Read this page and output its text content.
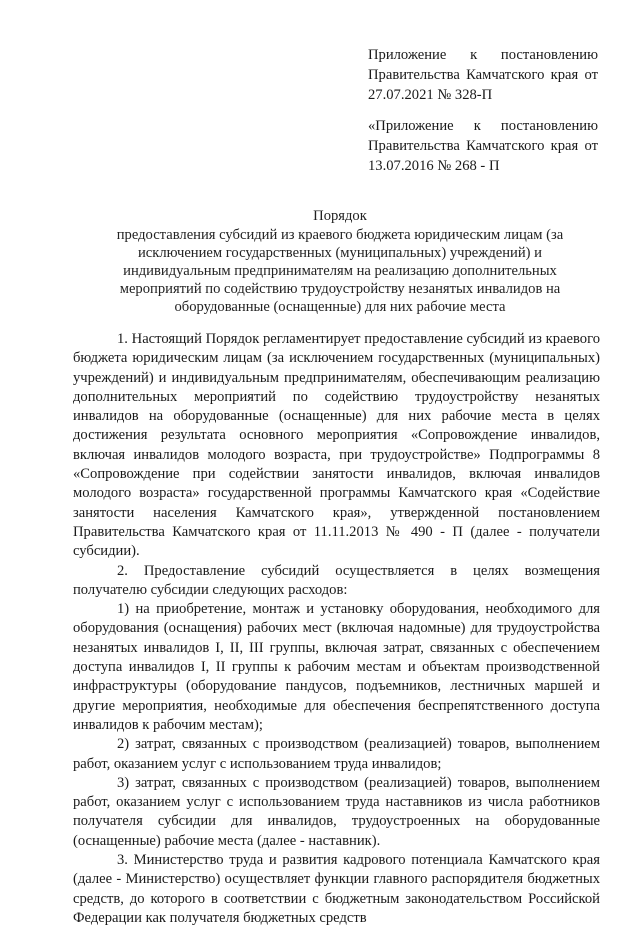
Приложение к постановлению Правительства Камчатского края от 27.07.2021 № 328-П
«Приложение к постановлению Правительства Камчатского края от 13.07.2016 № 268 - П
Порядок
предоставления субсидий из краевого бюджета юридическим лицам (за исключением государственных (муниципальных) учреждений) и индивидуальным предпринимателям на реализацию дополнительных мероприятий по содействию трудоустройству незанятых инвалидов на оборудованные (оснащенные) для них рабочие места

1. Настоящий Порядок регламентирует предоставление субсидий из краевого бюджета юридическим лицам (за исключением государственных (муниципальных) учреждений) и индивидуальным предпринимателям, обеспечивающим реализацию дополнительных мероприятий по содействию трудоустройству незанятых инвалидов на оборудованные (оснащенные) для них рабочие места в целях достижения результата основного мероприятия «Сопровождение инвалидов, включая инвалидов молодого возраста, при трудоустройстве» Подпрограммы 8 «Сопровождение при содействии занятости инвалидов, включая инвалидов молодого возраста» государственной программы Камчатского края «Содействие занятости населения Камчатского края», утвержденной постановлением Правительства Камчатского края от 11.11.2013 № 490 - П (далее - получатели субсидии).

2. Предоставление субсидий осуществляется в целях возмещения получателю субсидии следующих расходов:

1) на приобретение, монтаж и установку оборудования, необходимого для оборудования (оснащения) рабочих мест (включая надомные) для трудоустройства незанятых инвалидов I, II, III группы, включая затрат, связанных с обеспечением доступа инвалидов I, II группы к рабочим местам и объектам производственной инфраструктуры (оборудование пандусов, подъемников, лестничных маршей и другие мероприятия, необходимые для обеспечения беспрепятственного доступа инвалидов к рабочим местам);

2) затрат, связанных с производством (реализацией) товаров, выполнением работ, оказанием услуг с использованием труда инвалидов;

3) затрат, связанных с производством (реализацией) товаров, выполнением работ, оказанием услуг с использованием труда наставников из числа работников получателя субсидии для инвалидов, трудоустроенных на оборудованные (оснащенные) рабочие места (далее - наставник).

3. Министерство труда и развития кадрового потенциала Камчатского края (далее - Министерство) осуществляет функции главного распорядителя бюджетных средств, до которого в соответствии с бюджетным законодательством Российской Федерации как получателя бюджетных средств
